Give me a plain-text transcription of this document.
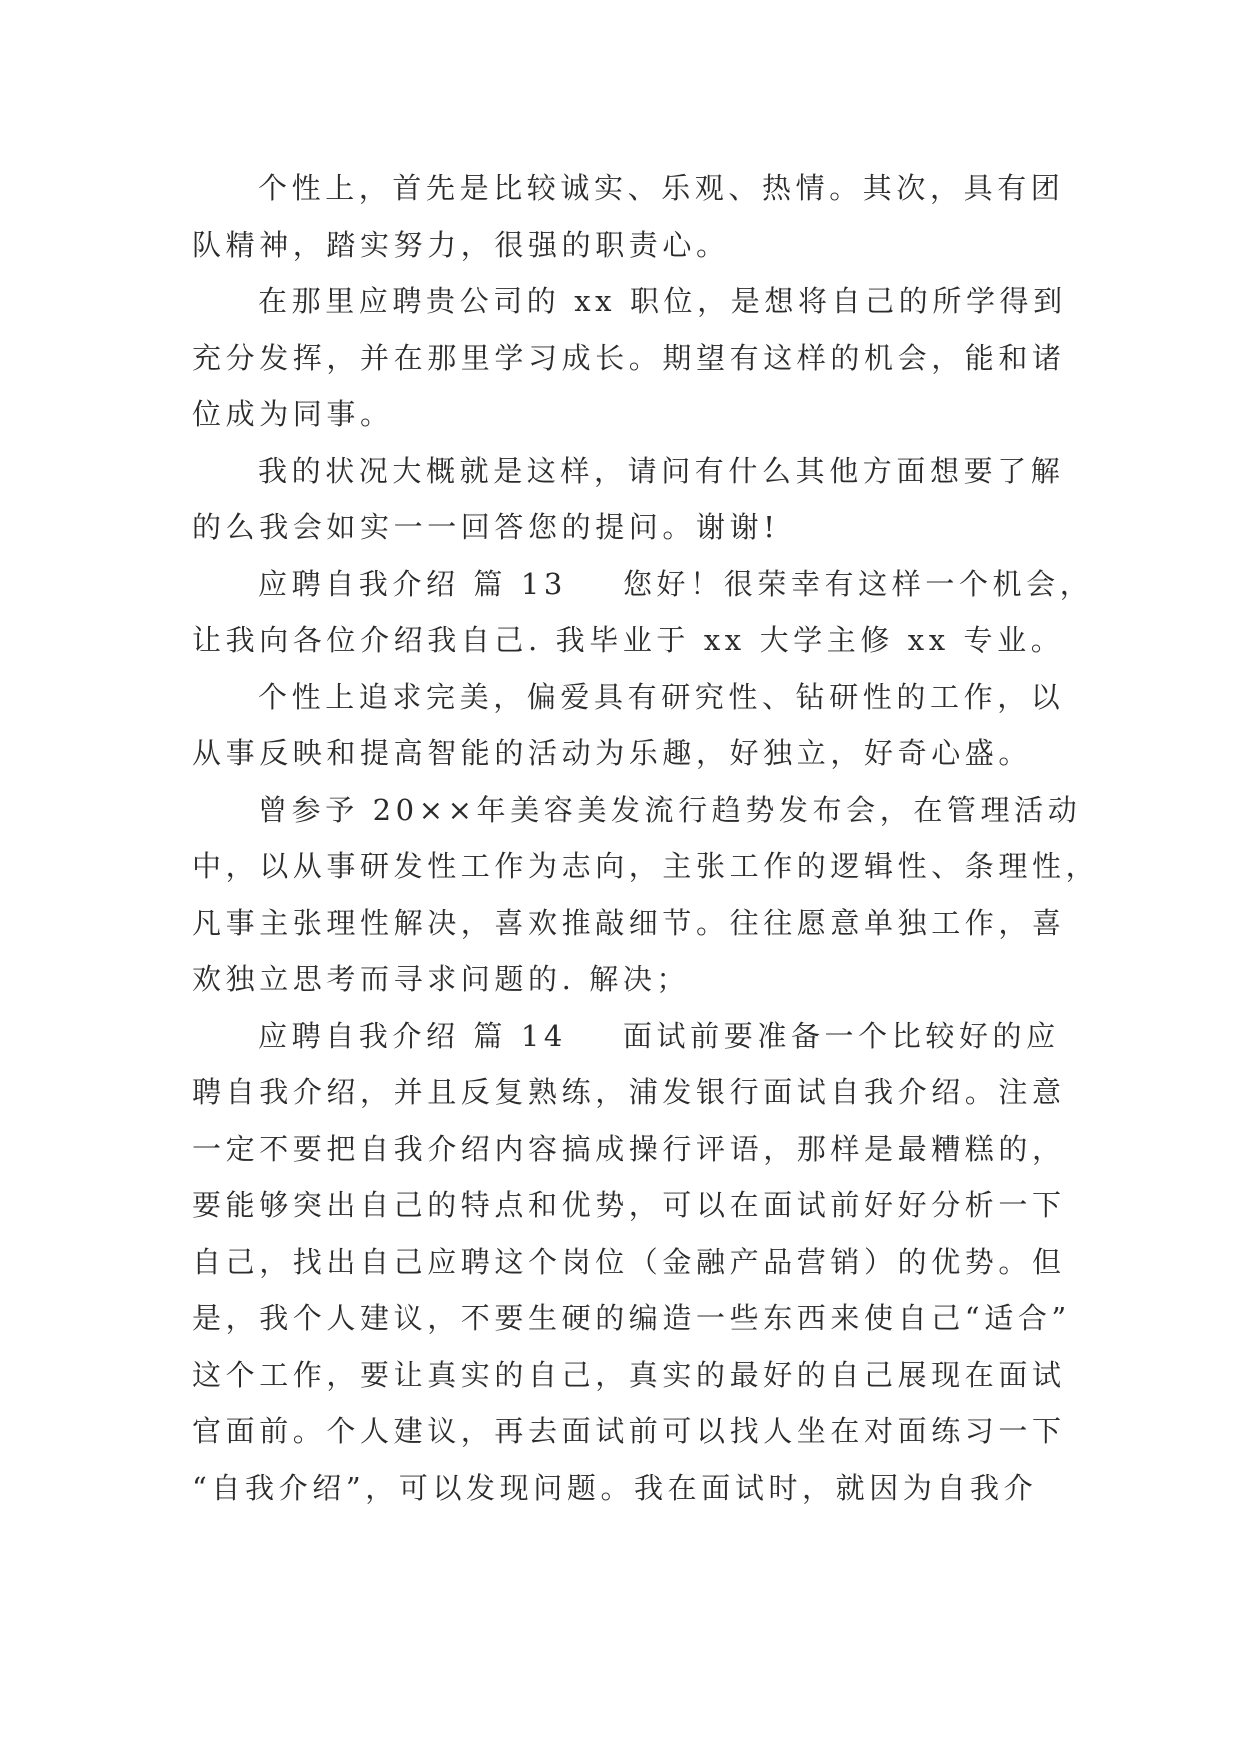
个性上，首先是比较诚实、乐观、热情。其次，具有团
队精神，踏实努力，很强的职责心。
在那里应聘贵公司的 xx 职位，是想将自己的所学得到
充分发挥，并在那里学习成长。期望有这样的机会，能和诸
位成为同事。
我的状况大概就是这样，请问有什么其他方面想要了解
的么我会如实一一回答您的提问。谢谢!
应聘自我介绍 篇 13 您好！很荣幸有这样一个机会，
让我向各位介绍我自己. 我毕业于 xx 大学主修 xx 专业。
个性上追求完美，偏爱具有研究性、钻研性的工作，以
从事反映和提高智能的活动为乐趣，好独立，好奇心盛。
曾参予 20××年美容美发流行趋势发布会，在管理活动
中，以从事研发性工作为志向，主张工作的逻辑性、条理性，
凡事主张理性解决，喜欢推敲细节。往往愿意单独工作，喜
欢独立思考而寻求问题的. 解决；
应聘自我介绍 篇 14 面试前要准备一个比较好的应
聘自我介绍，并且反复熟练，浦发银行面试自我介绍。注意
一定不要把自我介绍内容搞成操行评语，那样是最糟糕的，
要能够突出自己的特点和优势，可以在面试前好好分析一下
自己，找出自己应聘这个岗位（金融产品营销）的优势。但
是，我个人建议，不要生硬的编造一些东西来使自己“适合”
这个工作，要让真实的自己，真实的最好的自己展现在面试
官面前。个人建议，再去面试前可以找人坐在对面练习一下
“自我介绍”，可以发现问题。我在面试时，就因为自我介
